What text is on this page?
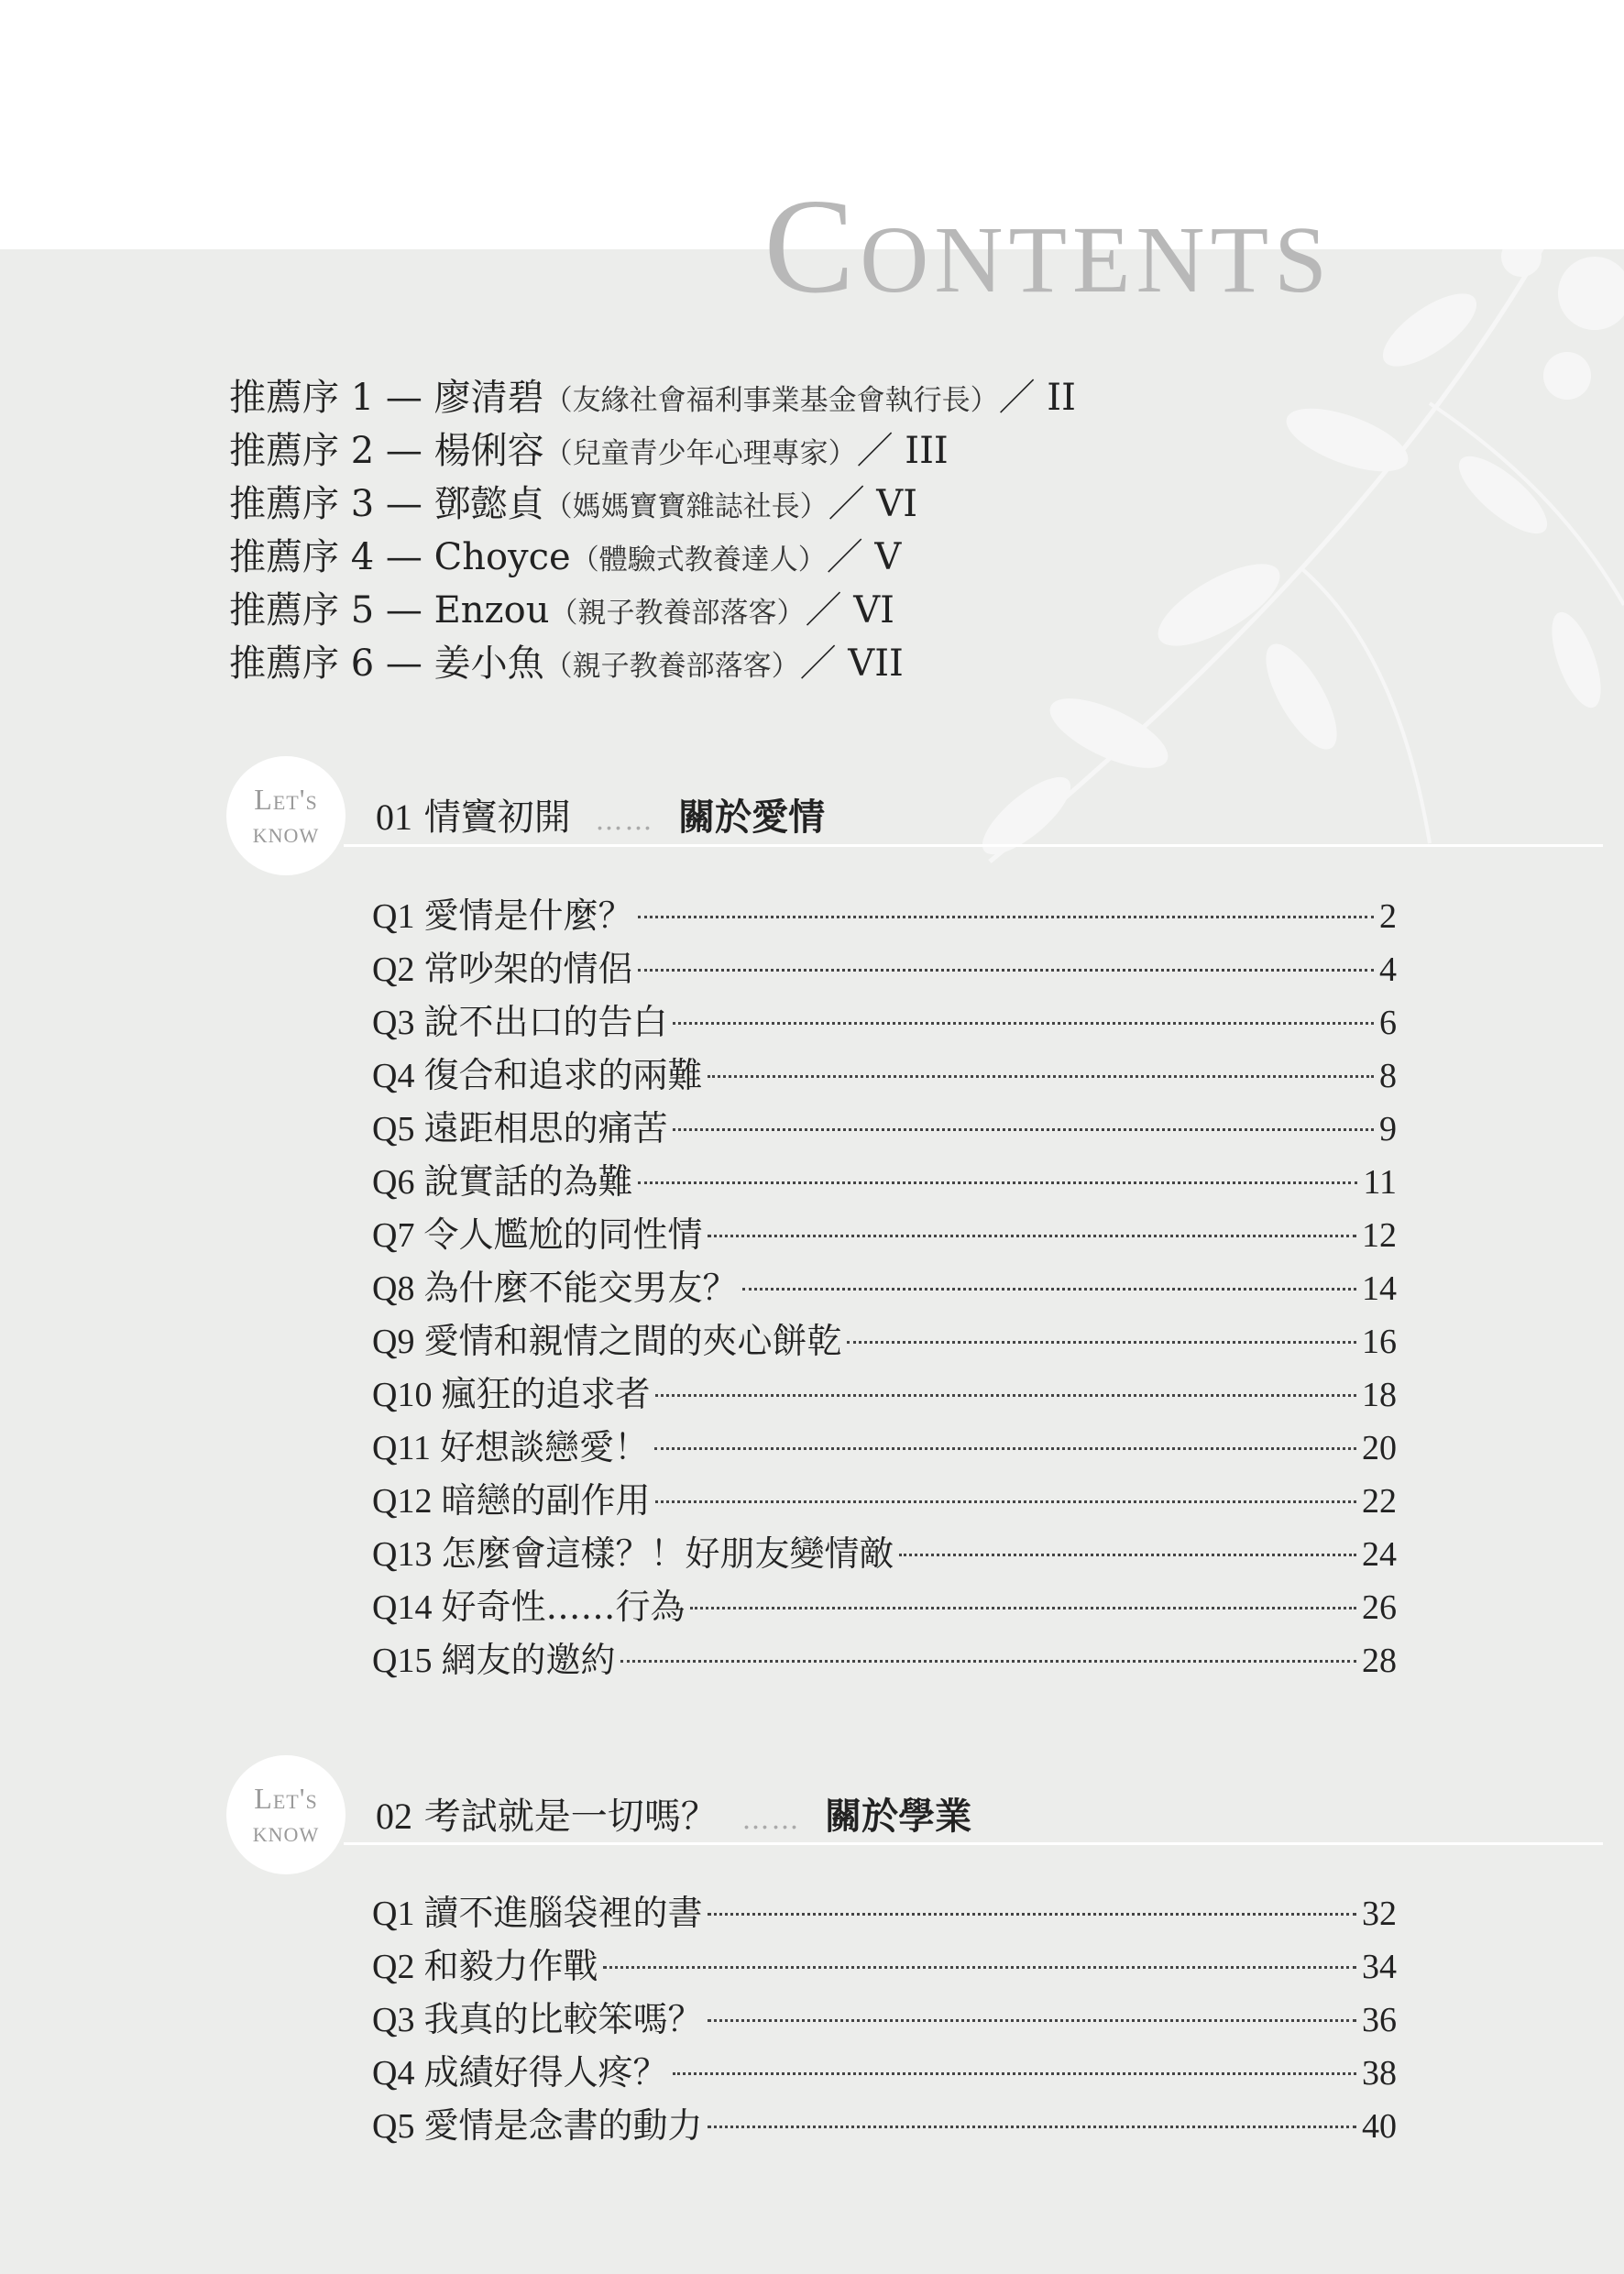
Contents
推薦序 1 — 廖清碧（友緣社會福利事業基金會執行長）／ II
推薦序 2 — 楊俐容（兒童青少年心理專家）／ III
推薦序 3 — 鄧懿貞（媽媽寶寶雜誌社長）／ VI
推薦序 4 — Choyce（體驗式教養達人）／ V
推薦序 5 — Enzou（親子教養部落客）／ VI
推薦序 6 — 姜小魚（親子教養部落客）／ VII
Let's
know 01 情竇初開 …… 關於愛情
Q1 愛情是什麼？	2
Q2 常吵架的情侶	4
Q3 說不出口的告白	6
Q4 復合和追求的兩難	8
Q5 遠距相思的痛苦	9
Q6 說實話的為難	11
Q7 令人尷尬的同性情	12
Q8 為什麼不能交男友？	14
Q9 愛情和親情之間的夾心餅乾	16
Q10 瘋狂的追求者	18
Q11 好想談戀愛！	20
Q12 暗戀的副作用	22
Q13 怎麼會這樣？！好朋友變情敵	24
Q14 好奇性……行為	26
Q15 網友的邀約	28
Let's
know 02 考試就是一切嗎？ …… 關於學業
Q1 讀不進腦袋裡的書	32
Q2 和毅力作戰	34
Q3 我真的比較笨嗎？	36
Q4 成績好得人疼？	38
Q5 愛情是念書的動力	40
